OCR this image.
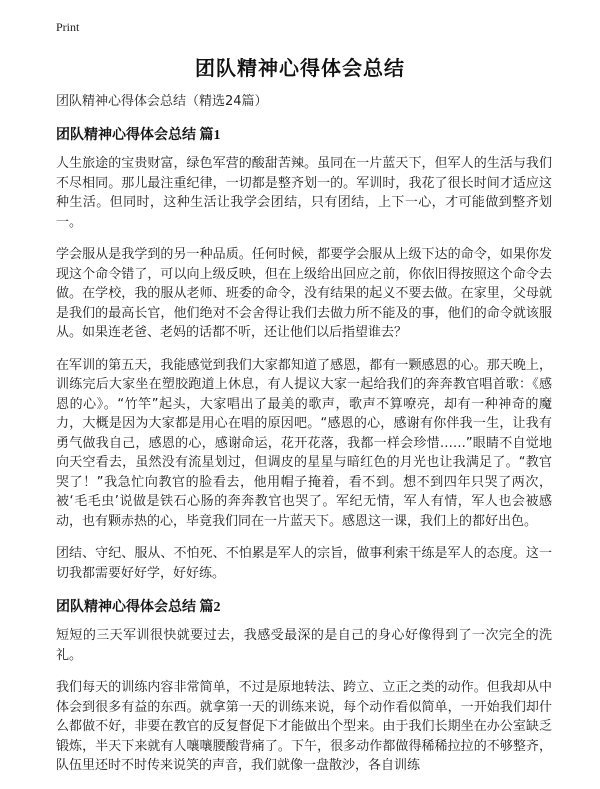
Print
团队精神心得体会总结

团队精神心得体会总结（精选24篇）

团队精神心得体会总结 篇1

人生旅途的宝贵财富，绿色军营的酸甜苦辣。虽同在一片蓝天下，但军人的生活与我们不尽相同。那儿最注重纪律，一切都是整齐划一的。军训时，我花了很长时间才适应这种生活。但同时，这种生活让我学会团结，只有团结，上下一心，才可能做到整齐划一。

学会服从是我学到的另一种品质。任何时候，都要学会服从上级下达的命令，如果你发现这个命令错了，可以向上级反映，但在上级给出回应之前，你依旧得按照这个命令去做。在学校，我的服从老师、班委的命令，没有结果的起义不要去做。在家里，父母就是我们的最高长官，他们绝对不会舍得让我们去做力所不能及的事，他们的命令就该服从。如果连老爸、老妈的话都不听，还让他们以后指望谁去？

在军训的第五天，我能感觉到我们大家都知道了感恩，都有一颗感恩的心。那天晚上，训练完后大家坐在塑胶跑道上休息，有人提议大家一起给我们的奔奔教官唱首歌：《感恩的心》。“竹竿”起头，大家唱出了最美的歌声，歌声不算嘹亮，却有一种神奇的魔力，大概是因为大家都是用心在唱的原因吧。“感恩的心，感谢有你伴我一生，让我有勇气做我自己，感恩的心，感谢命运，花开花落，我都一样会珍惜……”眼睛不自觉地向天空看去，虽然没有流星划过，但调皮的星星与暗红色的月光也让我满足了。“教官哭了！”我急忙向教官的脸看去，他用帽子掩着，看不到。想不到四年只哭了两次，被‘毛毛虫’说做是铁石心肠的奔奔教官也哭了。军纪无情，军人有情，军人也会被感动，也有颗赤热的心，毕竟我们同在一片蓝天下。感恩这一课，我们上的都好出色。

团结、守纪、服从、不怕死、不怕累是军人的宗旨，做事利索干练是军人的态度。这一切我都需要好好学，好好练。

团队精神心得体会总结 篇2

短短的三天军训很快就要过去，我感受最深的是自己的身心好像得到了一次完全的洗礼。

我们每天的训练内容非常简单，不过是原地转法、跨立、立正之类的动作。但我却从中体会到很多有益的东西。就拿第一天的训练来说，每个动作看似简单，一开始我们却什么都做不好，非要在教官的反复督促下才能做出个型来。由于我们长期坐在办公室缺乏锻炼，半天下来就有人嚷嚷腰酸背痛了。下午，很多动作都做得稀稀拉拉的不够整齐，队伍里还时不时传来说笑的声音，我们就像一盘散沙，各自训练
